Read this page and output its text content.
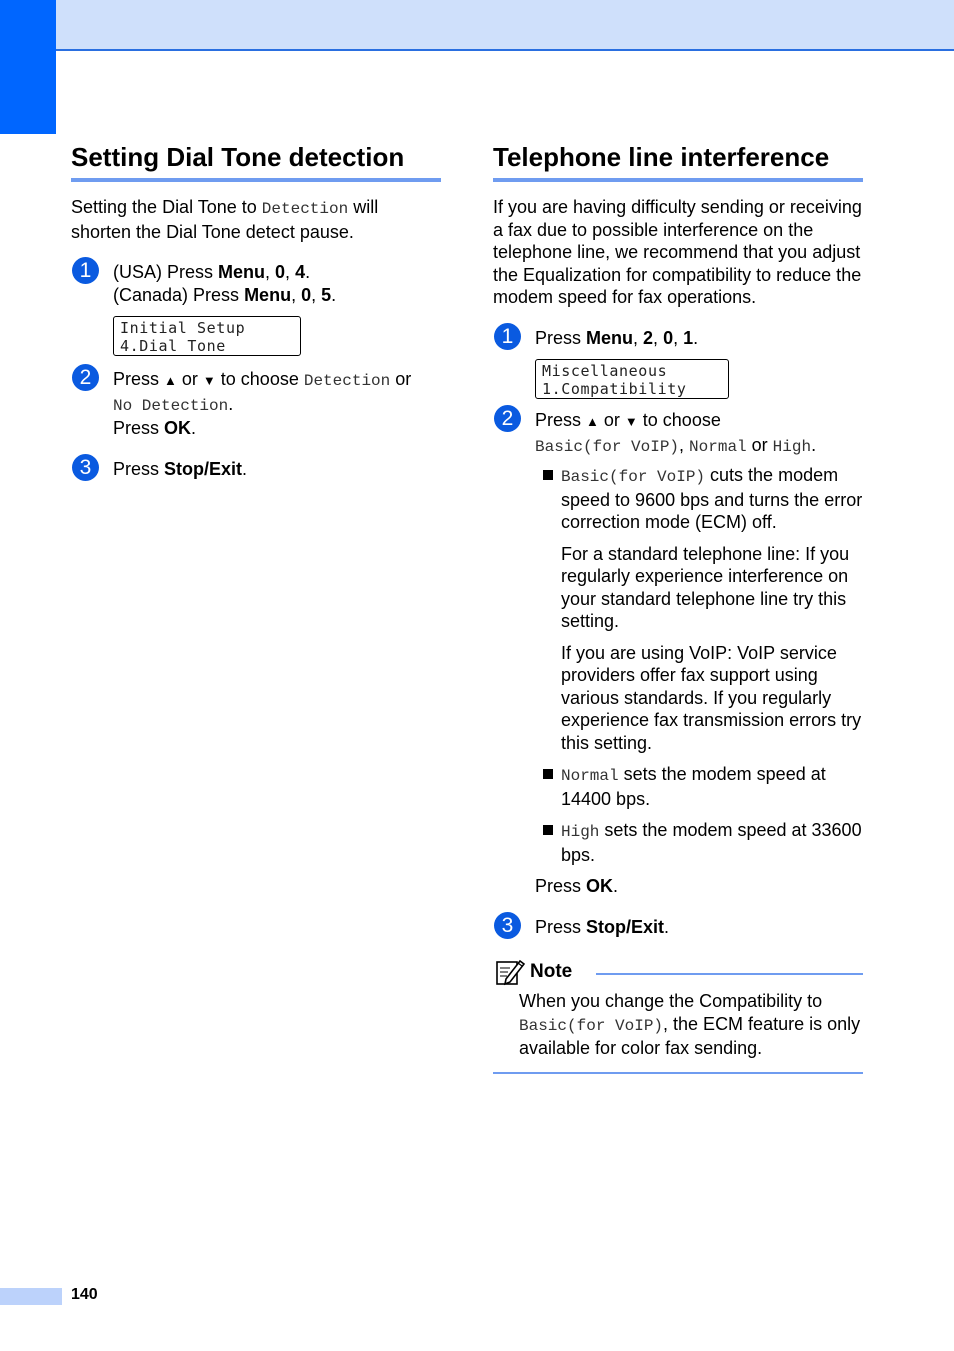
Setting Dial Tone detection

Setting the Dial Tone to Detection will shorten the Dial Tone detect pause.

1	(USA) Press Menu, 0, 4.

(Canada) Press Menu, 0, 5.

Initial Setup
4.Dial Tone
2	Press ▲ or ▼ to choose Detection or
No Detection.

Press OK.

3	Press Stop/Exit.

Telephone line interference

If you are having difficulty sending or receiving a fax due to possible interference on the telephone line, we recommend that you adjust the Equalization for compatibility to reduce the modem speed for fax operations.

1	Press Menu, 2, 0, 1.

Miscellaneous
1.Compatibility
2	Press ▲ or ▼ to choose
Basic(for VoIP), Normal or High.

Basic(for VoIP) cuts the modem speed to 9600 bps and turns the error correction mode (ECM) off.

For a standard telephone line: If you regularly experience interference on your standard telephone line try this setting.

If you are using VoIP: VoIP service providers offer fax support using various standards. If you regularly experience fax transmission errors try this setting.

Normal sets the modem speed at 14400 bps.

High sets the modem speed at 33600 bps.

Press OK.

3	Press Stop/Exit.

Note

When you change the Compatibility to Basic(for VoIP), the ECM feature is only available for color fax sending.

140
